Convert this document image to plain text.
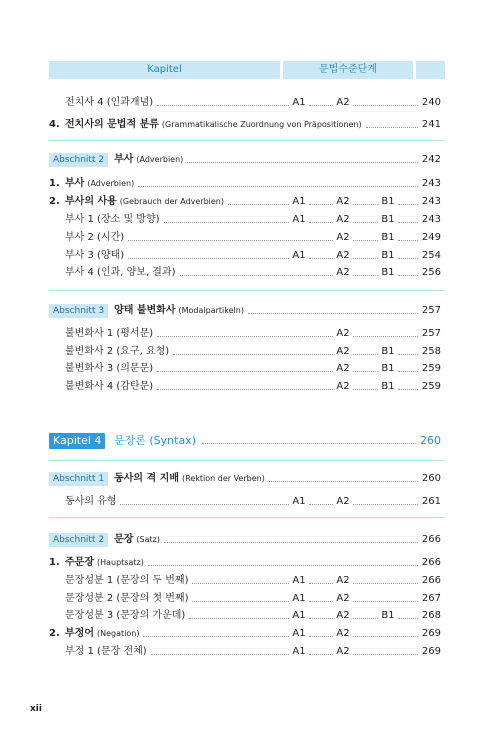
Kapitel	문법수준단계
전치사 4 (인과개념)	A1	A2	240
4. 전치사의 문법적 분류 (Grammatikalische Zuordnung von Präpositionen)	241
Abschnitt 2	부사 (Adverbien)	242
1. 부사 (Adverbien)	243
2. 부사의 사용 (Gebrauch der Adverbien)	A1	A2	B1	243
부사 1 (장소 및 방향)	A1	A2	B1	243
부사 2 (시간)	A2	B1	249
부사 3 (양태)	A1	A2	B1	254
부사 4 (인과, 양보, 결과)	A2	B1	256
Abschnitt 3	양태 불변화사 (Modalpartikeln)	257
불변화사 1 (평서문)	A2	257
불변화사 2 (요구, 요청)	A2	B1	258
불변화사 3 (의문문)	A2	B1	259
불변화사 4 (감탄문)	A2	B1	259
Kapitel 4	문장론 (Syntax)	260
Abschnitt 1	동사의 격 지배 (Rektion der Verben)	260
동사의 유형	A1	A2	261
Abschnitt 2	문장 (Satz)	266
1. 주문장 (Hauptsatz)	266
문장성분 1 (문장의 두 번째)	A1	A2	266
문장성분 2 (문장의 첫 번째)	A1	A2	267
문장성분 3 (문장의 가운데)	A1	A2	B1	268
2. 부정어 (Negation)	A1	A2	269
부정 1 (문장 전체)	A1	A2	269
xii
